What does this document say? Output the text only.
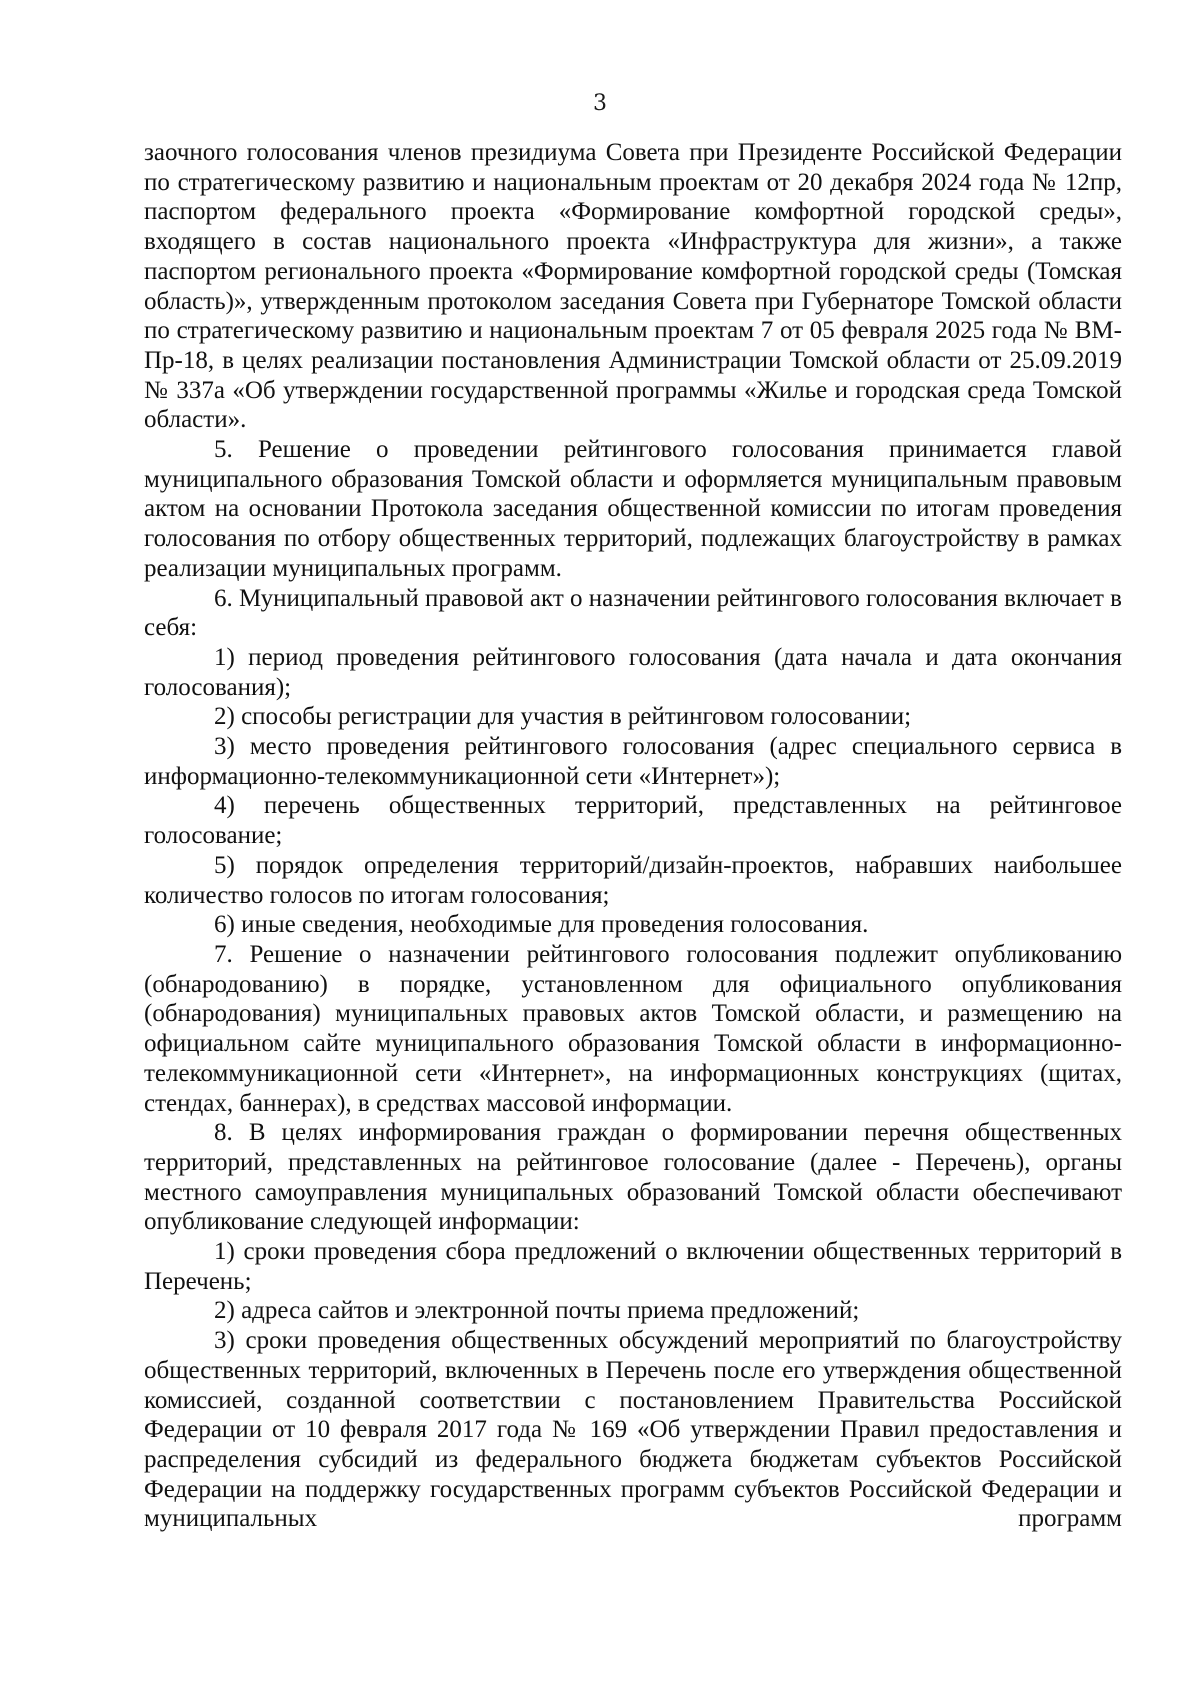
3

заочного голосования членов президиума Совета при Президенте Российской Федерации по стратегическому развитию и национальным проектам от 20 декабря 2024 года № 12пр, паспортом федерального проекта «Формирование комфортной городской среды», входящего в состав национального проекта «Инфраструктура для жизни», а также паспортом регионального проекта «Формирование комфортной городской среды (Томская область)», утвержденным протоколом заседания Совета при Губернаторе Томской области по стратегическому развитию и национальным проектам 7 от 05 февраля 2025 года № ВМ-Пр-18, в целях реализации постановления Администрации Томской области от 25.09.2019 № 337а «Об утверждении государственной программы «Жилье и городская среда Томской области».

5. Решение о проведении рейтингового голосования принимается главой муниципального образования Томской области и оформляется муниципальным правовым актом на основании Протокола заседания общественной комиссии по итогам проведения голосования по отбору общественных территорий, подлежащих благоустройству в рамках реализации муниципальных программ.

6. Муниципальный правовой акт о назначении рейтингового голосования включает в себя:

1) период проведения рейтингового голосования (дата начала и дата окончания голосования);

2) способы регистрации для участия в рейтинговом голосовании;

3) место проведения рейтингового голосования (адрес специального сервиса в информационно-телекоммуникационной сети «Интернет»);

4) перечень общественных территорий, представленных на рейтинговое голосование;

5) порядок определения территорий/дизайн-проектов, набравших наибольшее количество голосов по итогам голосования;

6) иные сведения, необходимые для проведения голосования.

7. Решение о назначении рейтингового голосования подлежит опубликованию (обнародованию) в порядке, установленном для официального опубликования (обнародования) муниципальных правовых актов Томской области, и размещению на официальном сайте муниципального образования Томской области в информационно-телекоммуникационной сети «Интернет», на информационных конструкциях (щитах, стендах, баннерах), в средствах массовой информации.

8. В целях информирования граждан о формировании перечня общественных территорий, представленных на рейтинговое голосование (далее - Перечень), органы местного самоуправления муниципальных образований Томской области обеспечивают опубликование следующей информации:

1) сроки проведения сбора предложений о включении общественных территорий в Перечень;

2) адреса сайтов и электронной почты приема предложений;

3) сроки проведения общественных обсуждений мероприятий по благоустройству общественных территорий, включенных в Перечень после его утверждения общественной комиссией, созданной соответствии с постановлением Правительства Российской Федерации от 10 февраля 2017 года № 169 «Об утверждении Правил предоставления и распределения субсидий из федерального бюджета бюджетам субъектов Российской Федерации на поддержку государственных программ субъектов Российской Федерации и муниципальных программ
